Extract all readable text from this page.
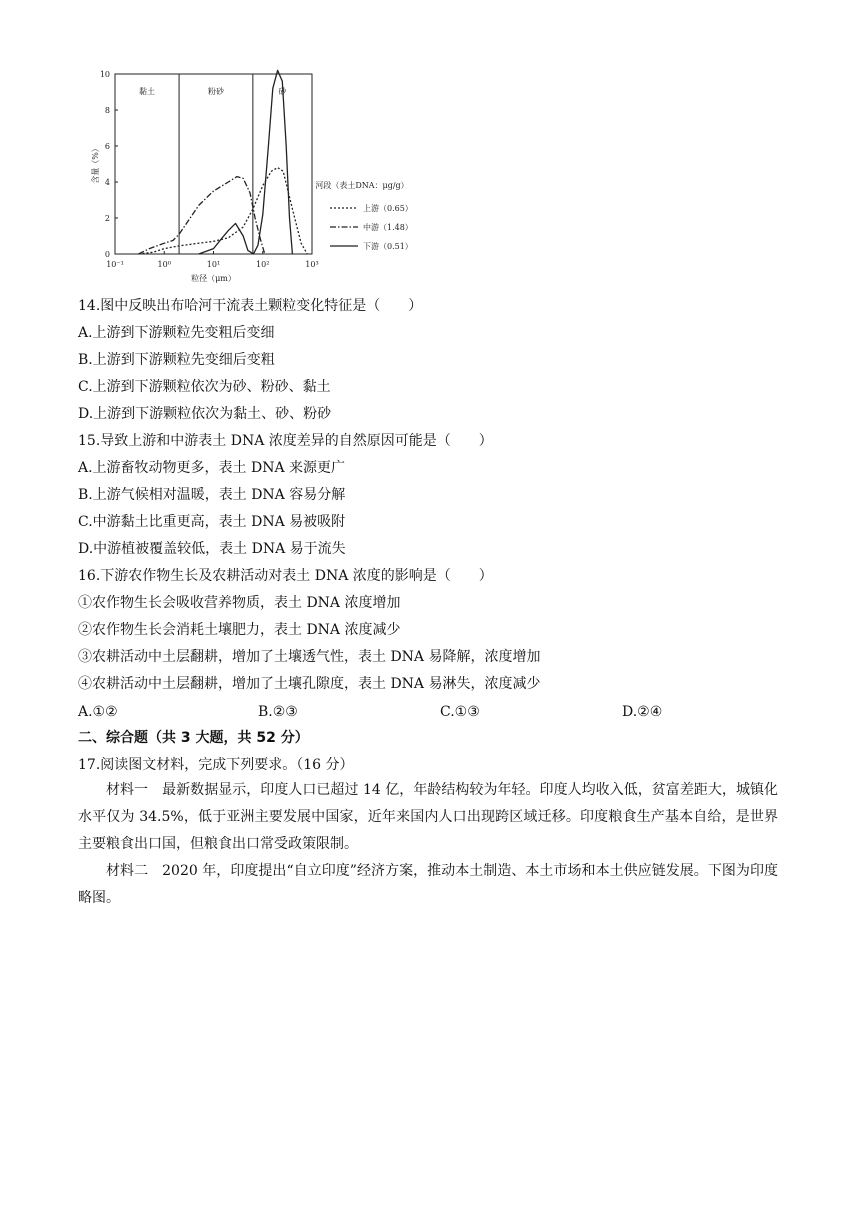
黏土	粉砂	砂
0
2
4
6
8
10
10⁻¹	10⁰	10¹	10²	10³
粒径（μm）
含量（%）
河段（表土DNA：μg/g）
上游（0.65）
中游（1.48）
下游（0.51）
14.图中反映出布哈河干流表土颗粒变化特征是（　　）
A.上游到下游颗粒先变粗后变细
B.上游到下游颗粒先变细后变粗
C.上游到下游颗粒依次为砂、粉砂、黏土
D.上游到下游颗粒依次为黏土、砂、粉砂
15.导致上游和中游表土 DNA 浓度差异的自然原因可能是（　　）
A.上游畜牧动物更多，表土 DNA 来源更广
B.上游气候相对温暖，表土 DNA 容易分解
C.中游黏土比重更高，表土 DNA 易被吸附
D.中游植被覆盖较低，表土 DNA 易于流失
16.下游农作物生长及农耕活动对表土 DNA 浓度的影响是（　　）
①农作物生长会吸收营养物质，表土 DNA 浓度增加
②农作物生长会消耗土壤肥力，表土 DNA 浓度减少
③农耕活动中土层翻耕，增加了土壤透气性，表土 DNA 易降解，浓度增加
④农耕活动中土层翻耕，增加了土壤孔隙度，表土 DNA 易淋失，浓度减少
A.①②	B.②③	C.①③	D.②④
二、综合题（共 3 大题，共 52 分）
17.阅读图文材料，完成下列要求。（16 分）
材料一　最新数据显示，印度人口已超过 14 亿，年龄结构较为年轻。印度人均收入低，贫富差距大，城镇化水平仅为 34.5%，低于亚洲主要发展中国家，近年来国内人口出现跨区域迁移。印度粮食生产基本自给，是世界主要粮食出口国，但粮食出口常受政策限制。
材料二　2020 年，印度提出“自立印度”经济方案，推动本土制造、本土市场和本土供应链发展。下图为印度略图。
